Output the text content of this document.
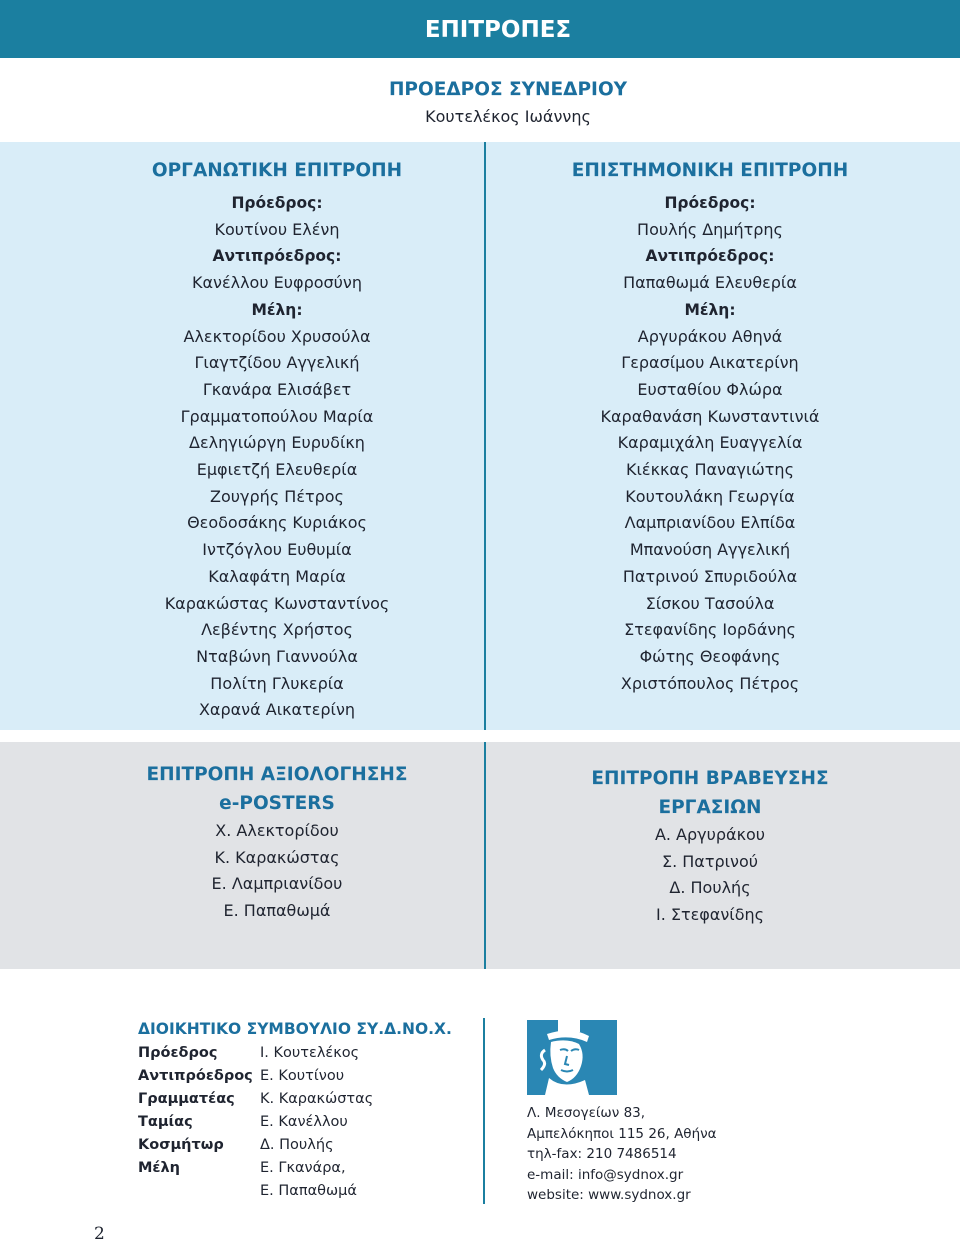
ΕΠΙΤΡΟΠΕΣ
ΠΡΟΕΔΡΟΣ ΣΥΝΕΔΡΙΟΥ
Κουτελέκος Ιωάννης
ΟΡΓΑΝΩΤΙΚΗ ΕΠΙΤΡΟΠΗ
Πρόεδρος:
Κουτίνου Ελένη
Αντιπρόεδρος:
Κανέλλου Ευφροσύνη
Μέλη:
Αλεκτορίδου Χρυσούλα
Γιαγτζίδου Αγγελική
Γκανάρα Ελισάβετ
Γραμματοπούλου Μαρία
Δεληγιώργη Ευρυδίκη
Εμφιετζή Ελευθερία
Ζουγρής Πέτρος
Θεοδοσάκης Κυριάκος
Ιντζόγλου Ευθυμία
Καλαφάτη Μαρία
Καρακώστας Κωνσταντίνος
Λεβέντης Χρήστος
Νταβώνη Γιαννούλα
Πολίτη Γλυκερία
Χαρανά Αικατερίνη
ΕΠΙΣΤΗΜΟΝΙΚΗ ΕΠΙΤΡΟΠΗ
Πρόεδρος:
Πουλής Δημήτρης
Αντιπρόεδρος:
Παπαθωμά Ελευθερία
Μέλη:
Αργυράκου Αθηνά
Γερασίμου Αικατερίνη
Ευσταθίου Φλώρα
Καραθανάση Κωνσταντινιά
Καραμιχάλη Ευαγγελία
Κιέκκας Παναγιώτης
Κουτουλάκη Γεωργία
Λαμπριανίδου Ελπίδα
Μπανούση Αγγελική
Πατρινού Σπυριδούλα
Σίσκου Τασούλα
Στεφανίδης Ιορδάνης
Φώτης Θεοφάνης
Χριστόπουλος Πέτρος
ΕΠΙΤΡΟΠΗ ΑΞΙΟΛΟΓΗΣΗΣ
e-POSTERS
Χ. Αλεκτορίδου
Κ. Καρακώστας
Ε. Λαμπριανίδου
Ε. Παπαθωμά
ΕΠΙΤΡΟΠΗ ΒΡΑΒΕΥΣΗΣ
ΕΡΓΑΣΙΩΝ
Α. Αργυράκου
Σ. Πατρινού
Δ. Πουλής
Ι. Στεφανίδης
ΔΙΟΙΚΗΤΙΚΟ ΣΥΜΒΟΥΛΙΟ ΣΥ.Δ.ΝΟ.Χ.
Πρόεδρος	Ι. Κουτελέκος
Αντιπρόεδρος Ε. Κουτίνου
Γραμματέας	Κ. Καρακώστας
Ταμίας	Ε. Κανέλλου
Κοσμήτωρ	Δ. Πουλής
Μέλη	Ε. Γκανάρα,
Ε. Παπαθωμά
Λ. Μεσογείων 83,
Αμπελόκηποι 115 26, Αθήνα
τηλ-fax: 210 7486514
e-mail: info@sydnox.gr
website: www.sydnox.gr
2
